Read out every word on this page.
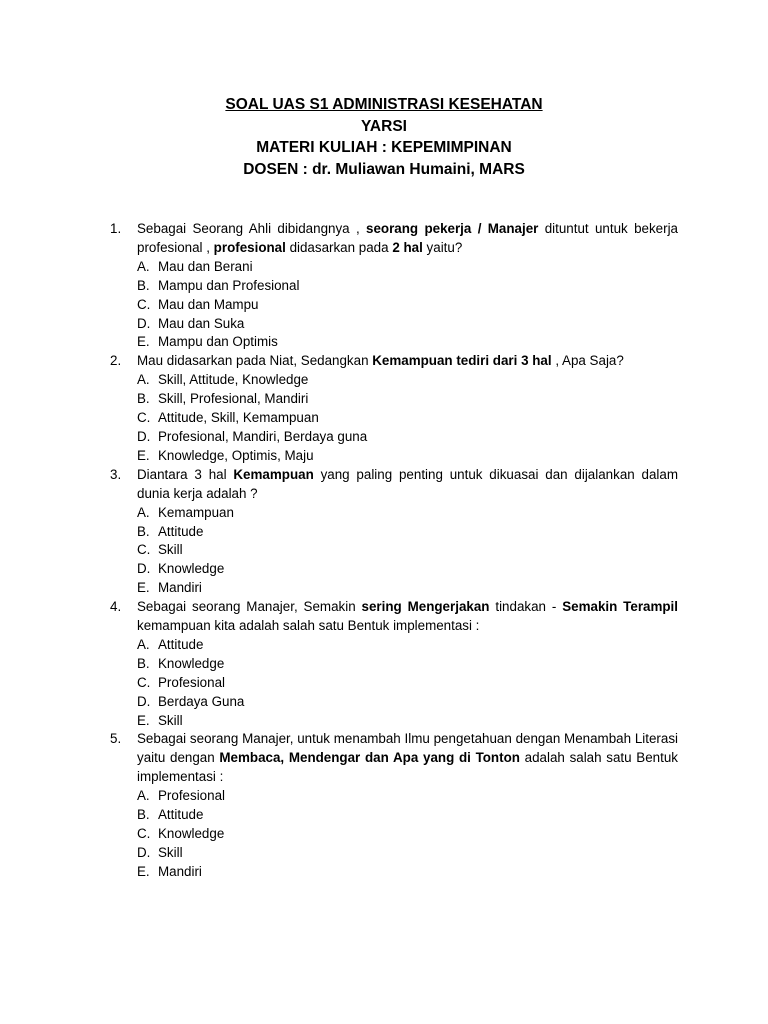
SOAL UAS S1 ADMINISTRASI KESEHATAN
YARSI
MATERI KULIAH : KEPEMIMPINAN
DOSEN : dr. Muliawan Humaini, MARS
1. Sebagai Seorang Ahli dibidangnya , seorang pekerja / Manajer dituntut untuk bekerja profesional , profesional didasarkan pada 2 hal yaitu?
A. Mau dan Berani
B. Mampu dan Profesional
C. Mau dan Mampu
D. Mau dan Suka
E. Mampu dan Optimis
2. Mau didasarkan pada Niat, Sedangkan Kemampuan tediri dari 3 hal , Apa Saja?
A. Skill, Attitude, Knowledge
B. Skill, Profesional, Mandiri
C. Attitude, Skill, Kemampuan
D. Profesional, Mandiri, Berdaya guna
E. Knowledge, Optimis, Maju
3. Diantara 3 hal Kemampuan yang paling penting untuk dikuasai dan dijalankan dalam dunia kerja adalah ?
A. Kemampuan
B. Attitude
C. Skill
D. Knowledge
E. Mandiri
4. Sebagai seorang Manajer, Semakin sering Mengerjakan tindakan - Semakin Terampil kemampuan kita adalah salah satu Bentuk implementasi :
A. Attitude
B. Knowledge
C. Profesional
D. Berdaya Guna
E. Skill
5. Sebagai seorang Manajer, untuk menambah Ilmu pengetahuan dengan Menambah Literasi yaitu dengan Membaca, Mendengar dan Apa yang di Tonton adalah salah satu Bentuk implementasi :
A. Profesional
B. Attitude
C. Knowledge
D. Skill
E. Mandiri
